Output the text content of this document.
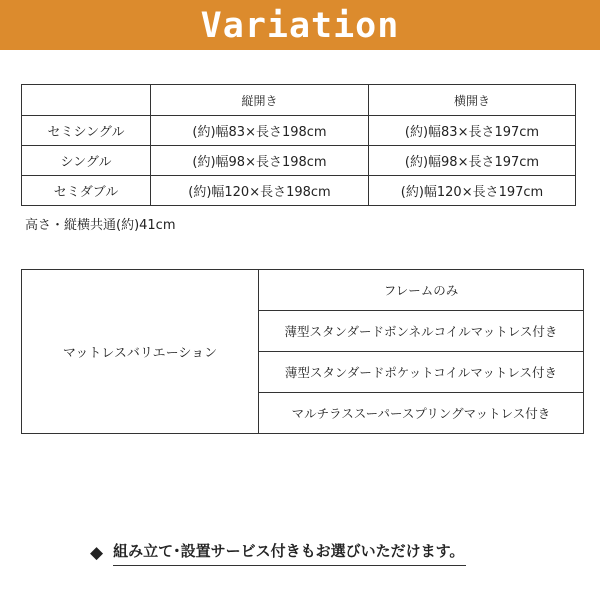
Variation
	縦開き	横開き
セミシングル	(約)幅83×長さ198cm	(約)幅83×長さ197cm
シングル	(約)幅98×長さ198cm	(約)幅98×長さ197cm
セミダブル	(約)幅120×長さ198cm	(約)幅120×長さ197cm
高さ・縦横共通(約)41cm
マットレスバリエーション	フレームのみ
薄型スタンダードボンネルコイルマットレス付き
薄型スタンダードポケットコイルマットレス付き
マルチラススーパースプリングマットレス付き
◆ 組み立て･設置サービス付きもお選びいただけます。
